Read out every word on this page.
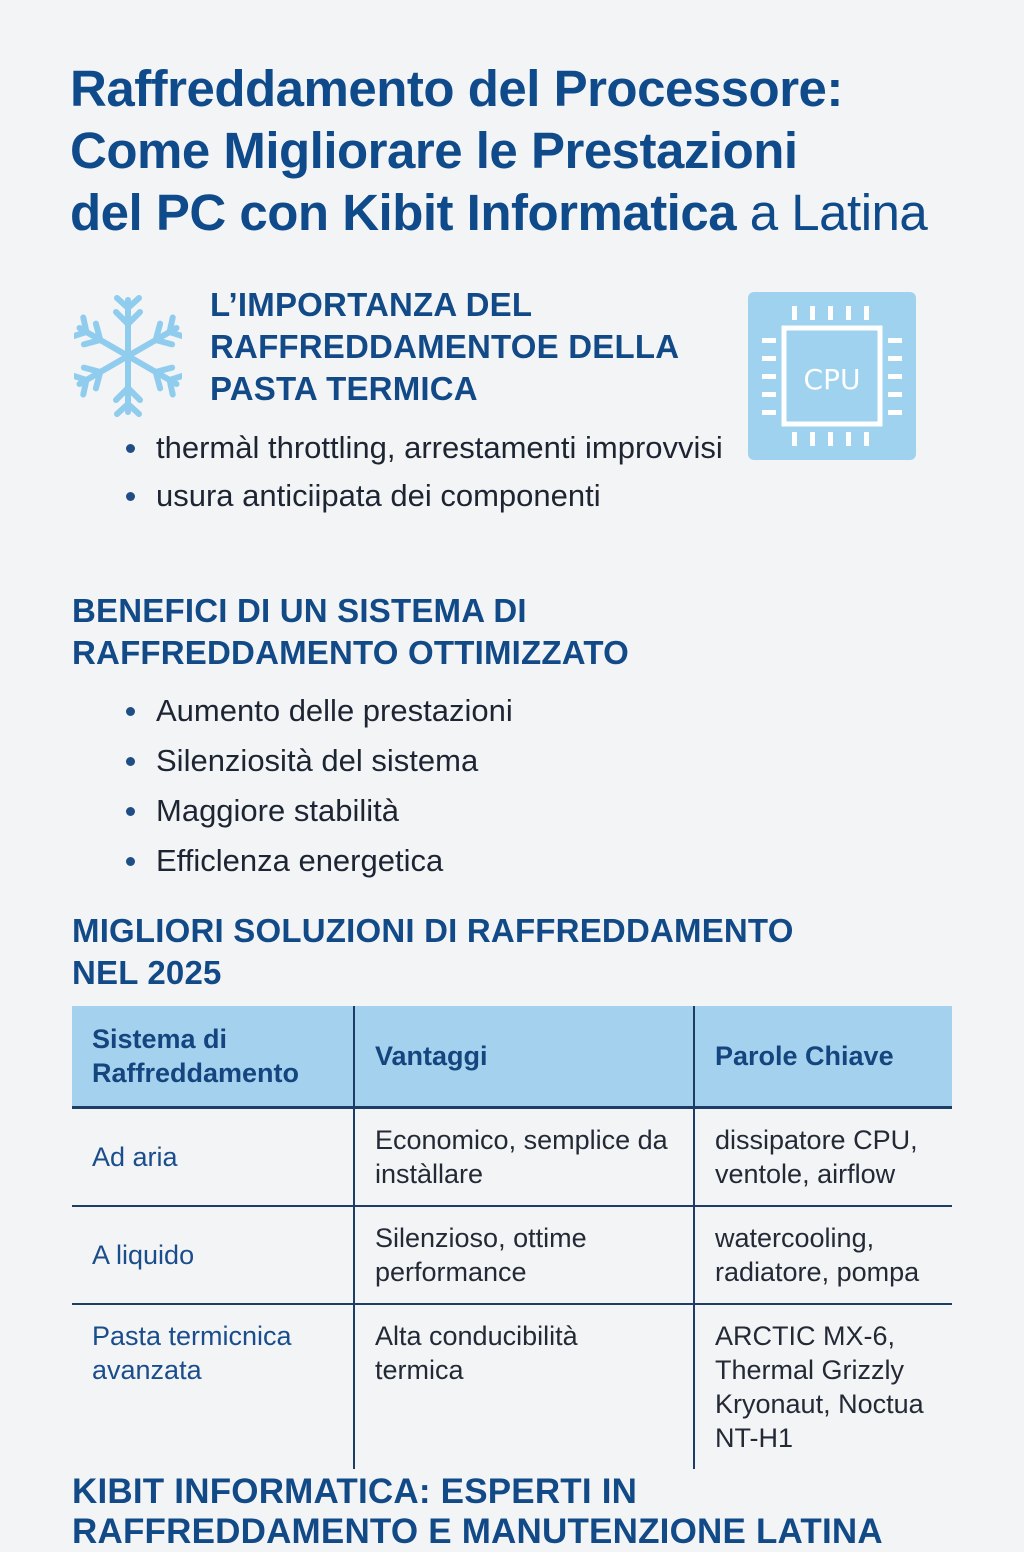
Raffreddamento del Processore:
Come Migliorare le Prestazioni
del PC con Kibit Informatica a Latina
L’IMPORTANZA DEL
RAFFREDDAMENTOE DELLA
PASTA TERMICA	CPU
thermàl throttling, arrestamenti improvvisi
usura anticiipata dei componenti
BENEFICI DI UN SISTEMA DI
RAFFREDDAMENTO OTTIMIZZATO
Aumento delle prestazioni
Silenziosità del sistema
Maggiore stabilità
Efficlenza energetica
MIGLIORI SOLUZIONI DI RAFFREDDAMENTO
NEL 2025
Sistema di Raffreddamento	Vantaggi	Parole Chiave
Ad aria	Economico, semplice da instàllare	dissipatore CPU, ventole, airflow
A liquido	Silenzioso, ottime performance	watercooling, radiatore, pompa
Pasta termicnica avanzata	Alta conducibilità termica	ARCTIC MX-6, Thermal Grizzly Kryonaut, Noctua NT-H1
KIBIT INFORMATICA: ESPERTI IN
RAFFREDDAMENTO E MANUTENZIONE LATINA
